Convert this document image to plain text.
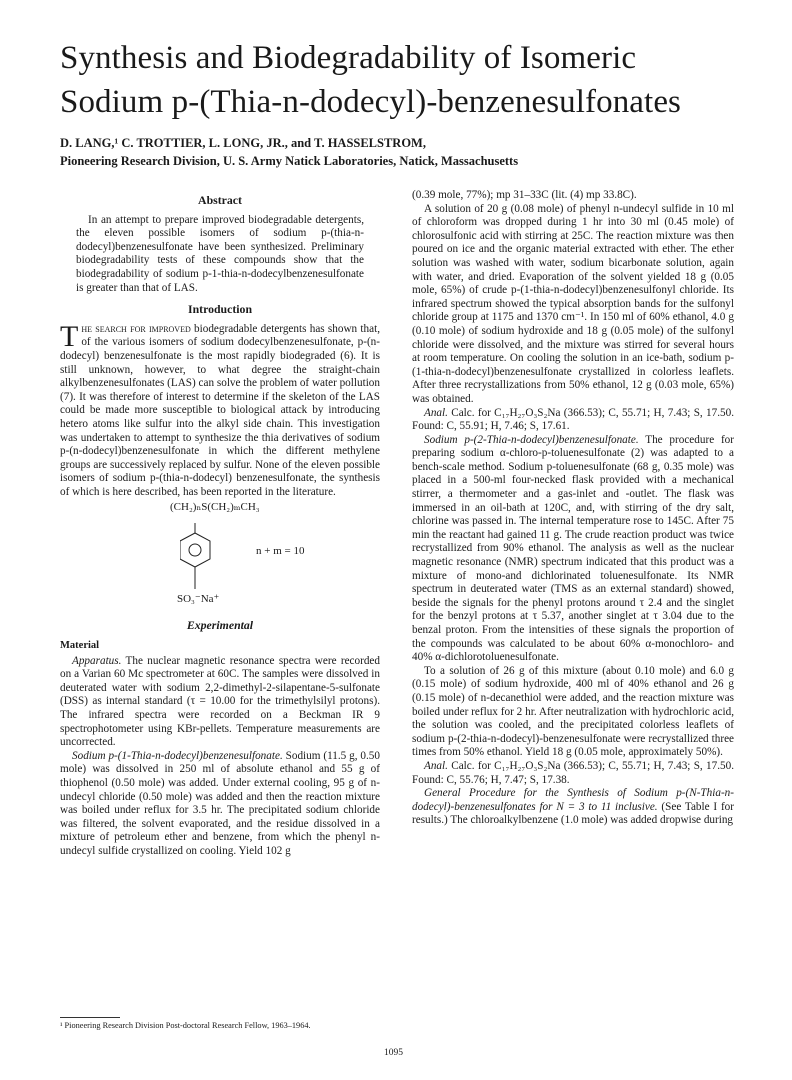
Synthesis and Biodegradability of Isomeric
Sodium p-(Thia-n-dodecyl)-benzenesulfonates
D. LANG,¹ C. TROTTIER, L. LONG, JR., and T. HASSELSTROM,
Pioneering Research Division, U. S. Army Natick Laboratories, Natick, Massachusetts
Abstract

In an attempt to prepare improved biodegradable detergents, the eleven possible isomers of sodium p-(thia-n-dodecyl)benzenesulfonate have been synthesized. Preliminary biodegradability tests of these compounds show that the biodegradability of sodium p-1-thia-n-dodecylbenzenesulfonate is greater than that of LAS.

Introduction

The search for improved biodegradable detergents has shown that, of the various isomers of sodium dodecylbenzenesulfonate, p-(n-dodecyl) benzenesulfonate is the most rapidly biodegraded (6). It is still unknown, however, to what degree the straight-chain alkylbenzenesulfonates (LAS) can solve the problem of water pollution (7). It was therefore of interest to determine if the skeleton of the LAS could be made more susceptible to biological attack by introducing hetero atoms like sulfur into the alkyl side chain. This investigation was undertaken to attempt to synthesize the thia derivatives of sodium p-(n-dodecyl)benzenesulfonate in which the different methylene groups are successively replaced by sulfur. None of the eleven possible isomers of sodium p-(thia-n-dodecyl) benzenesulfonate, the synthesis of which is here described, has been reported in the literature.

(CH₂)ₙS(CH₂)ₘCH₃
n + m = 10
SO₃⁻Na⁺
Experimental
Material

Apparatus. The nuclear magnetic resonance spectra were recorded on a Varian 60 Mc spectrometer at 60C. The samples were dissolved in deuterated water with sodium 2,2-dimethyl-2-silapentane-5-sulfonate (DSS) as internal standard (τ = 10.00 for the trimethylsilyl protons). The infrared spectra were recorded on a Beckman IR 9 spectrophotometer using KBr-pellets. Temperature measurements are uncorrected.

Sodium p-(1-Thia-n-dodecyl)benzenesulfonate. Sodium (11.5 g, 0.50 mole) was dissolved in 250 ml of absolute ethanol and 55 g of thiophenol (0.50 mole) was added. Under external cooling, 95 g of n-undecyl chloride (0.50 mole) was added and then the reaction mixture was boiled under reflux for 3.5 hr. The precipitated sodium chloride was filtered, the solvent evaporated, and the residue dissolved in a mixture of petroleum ether and benzene, from which the phenyl n-undecyl sulfide crystallized on cooling. Yield 102 g

¹ Pioneering Research Division Post-doctoral Research Fellow, 1963–1964.

(0.39 mole, 77%); mp 31–33C (lit. (4) mp 33.8C).

A solution of 20 g (0.08 mole) of phenyl n-undecyl sulfide in 10 ml of chloroform was dropped during 1 hr into 30 ml (0.45 mole) of chlorosulfonic acid with stirring at 25C. The reaction mixture was then poured on ice and the organic material extracted with ether. The ether solution was washed with water, sodium bicarbonate solution, again with water, and dried. Evaporation of the solvent yielded 18 g (0.05 mole, 65%) of crude p-(1-thia-n-dodecyl)benzenesulfonyl chloride. Its infrared spectrum showed the typical absorption bands for the sulfonyl chloride group at 1175 and 1370 cm⁻¹. In 150 ml of 60% ethanol, 4.0 g (0.10 mole) of sodium hydroxide and 18 g (0.05 mole) of the sulfonyl chloride were dissolved, and the mixture was stirred for several hours at room temperature. On cooling the solution in an ice-bath, sodium p-(1-thia-n-dodecyl)benzenesulfonate crystallized in colorless leaflets. After three recrystallizations from 50% ethanol, 12 g (0.03 mole, 65%) was obtained.

Anal. Calc. for C₁₇H₂₇O₃S₂Na (366.53); C, 55.71; H, 7.43; S, 17.50. Found: C, 55.91; H, 7.46; S, 17.61.

Sodium p-(2-Thia-n-dodecyl)benzenesulfonate. The procedure for preparing sodium α-chloro-p-toluenesulfonate (2) was adapted to a bench-scale method. Sodium p-toluenesulfonate (68 g, 0.35 mole) was placed in a 500-ml four-necked flask provided with a mechanical stirrer, a thermometer and a gas-inlet and -outlet. The flask was immersed in an oil-bath at 120C, and, with stirring of the dry salt, chlorine was passed in. The internal temperature rose to 145C. After 75 min the reactant had gained 11 g. The crude reaction product was twice recrystallized from 90% ethanol. The analysis as well as the nuclear magnetic resonance (NMR) spectrum indicated that this product was a mixture of mono-and dichlorinated toluenesulfonate. Its NMR spectrum in deuterated water (TMS as an external standard) showed, beside the signals for the phenyl protons around τ 2.4 and the singlet for the benzyl protons at τ 5.37, another singlet at τ 3.04 due to the benzal proton. From the intensities of these signals the proportion of the compounds was calculated to be about 60% α-monochloro- and 40% α-dichlorotoluenesulfonate.

To a solution of 26 g of this mixture (about 0.10 mole) and 6.0 g (0.15 mole) of sodium hydroxide, 400 ml of 40% ethanol and 26 g (0.15 mole) of n-decanethiol were added, and the reaction mixture was boiled under reflux for 2 hr. After neutralization with hydrochloric acid, the solution was cooled, and the precipitated colorless leaflets of sodium p-(2-thia-n-dodecyl)-benzenesulfonate were recrystallized three times from 50% ethanol. Yield 18 g (0.05 mole, approximately 50%).

Anal. Calc. for C₁₇H₂₇O₃S₂Na (366.53); C, 55.71; H, 7.43; S, 17.50. Found: C, 55.76; H, 7.47; S, 17.38.

General Procedure for the Synthesis of Sodium p-(N-Thia-n-dodecyl)-benzenesulfonates for N = 3 to 11 inclusive. (See Table I for results.) The chloroalkylbenzene (1.0 mole) was added dropwise during

1095
